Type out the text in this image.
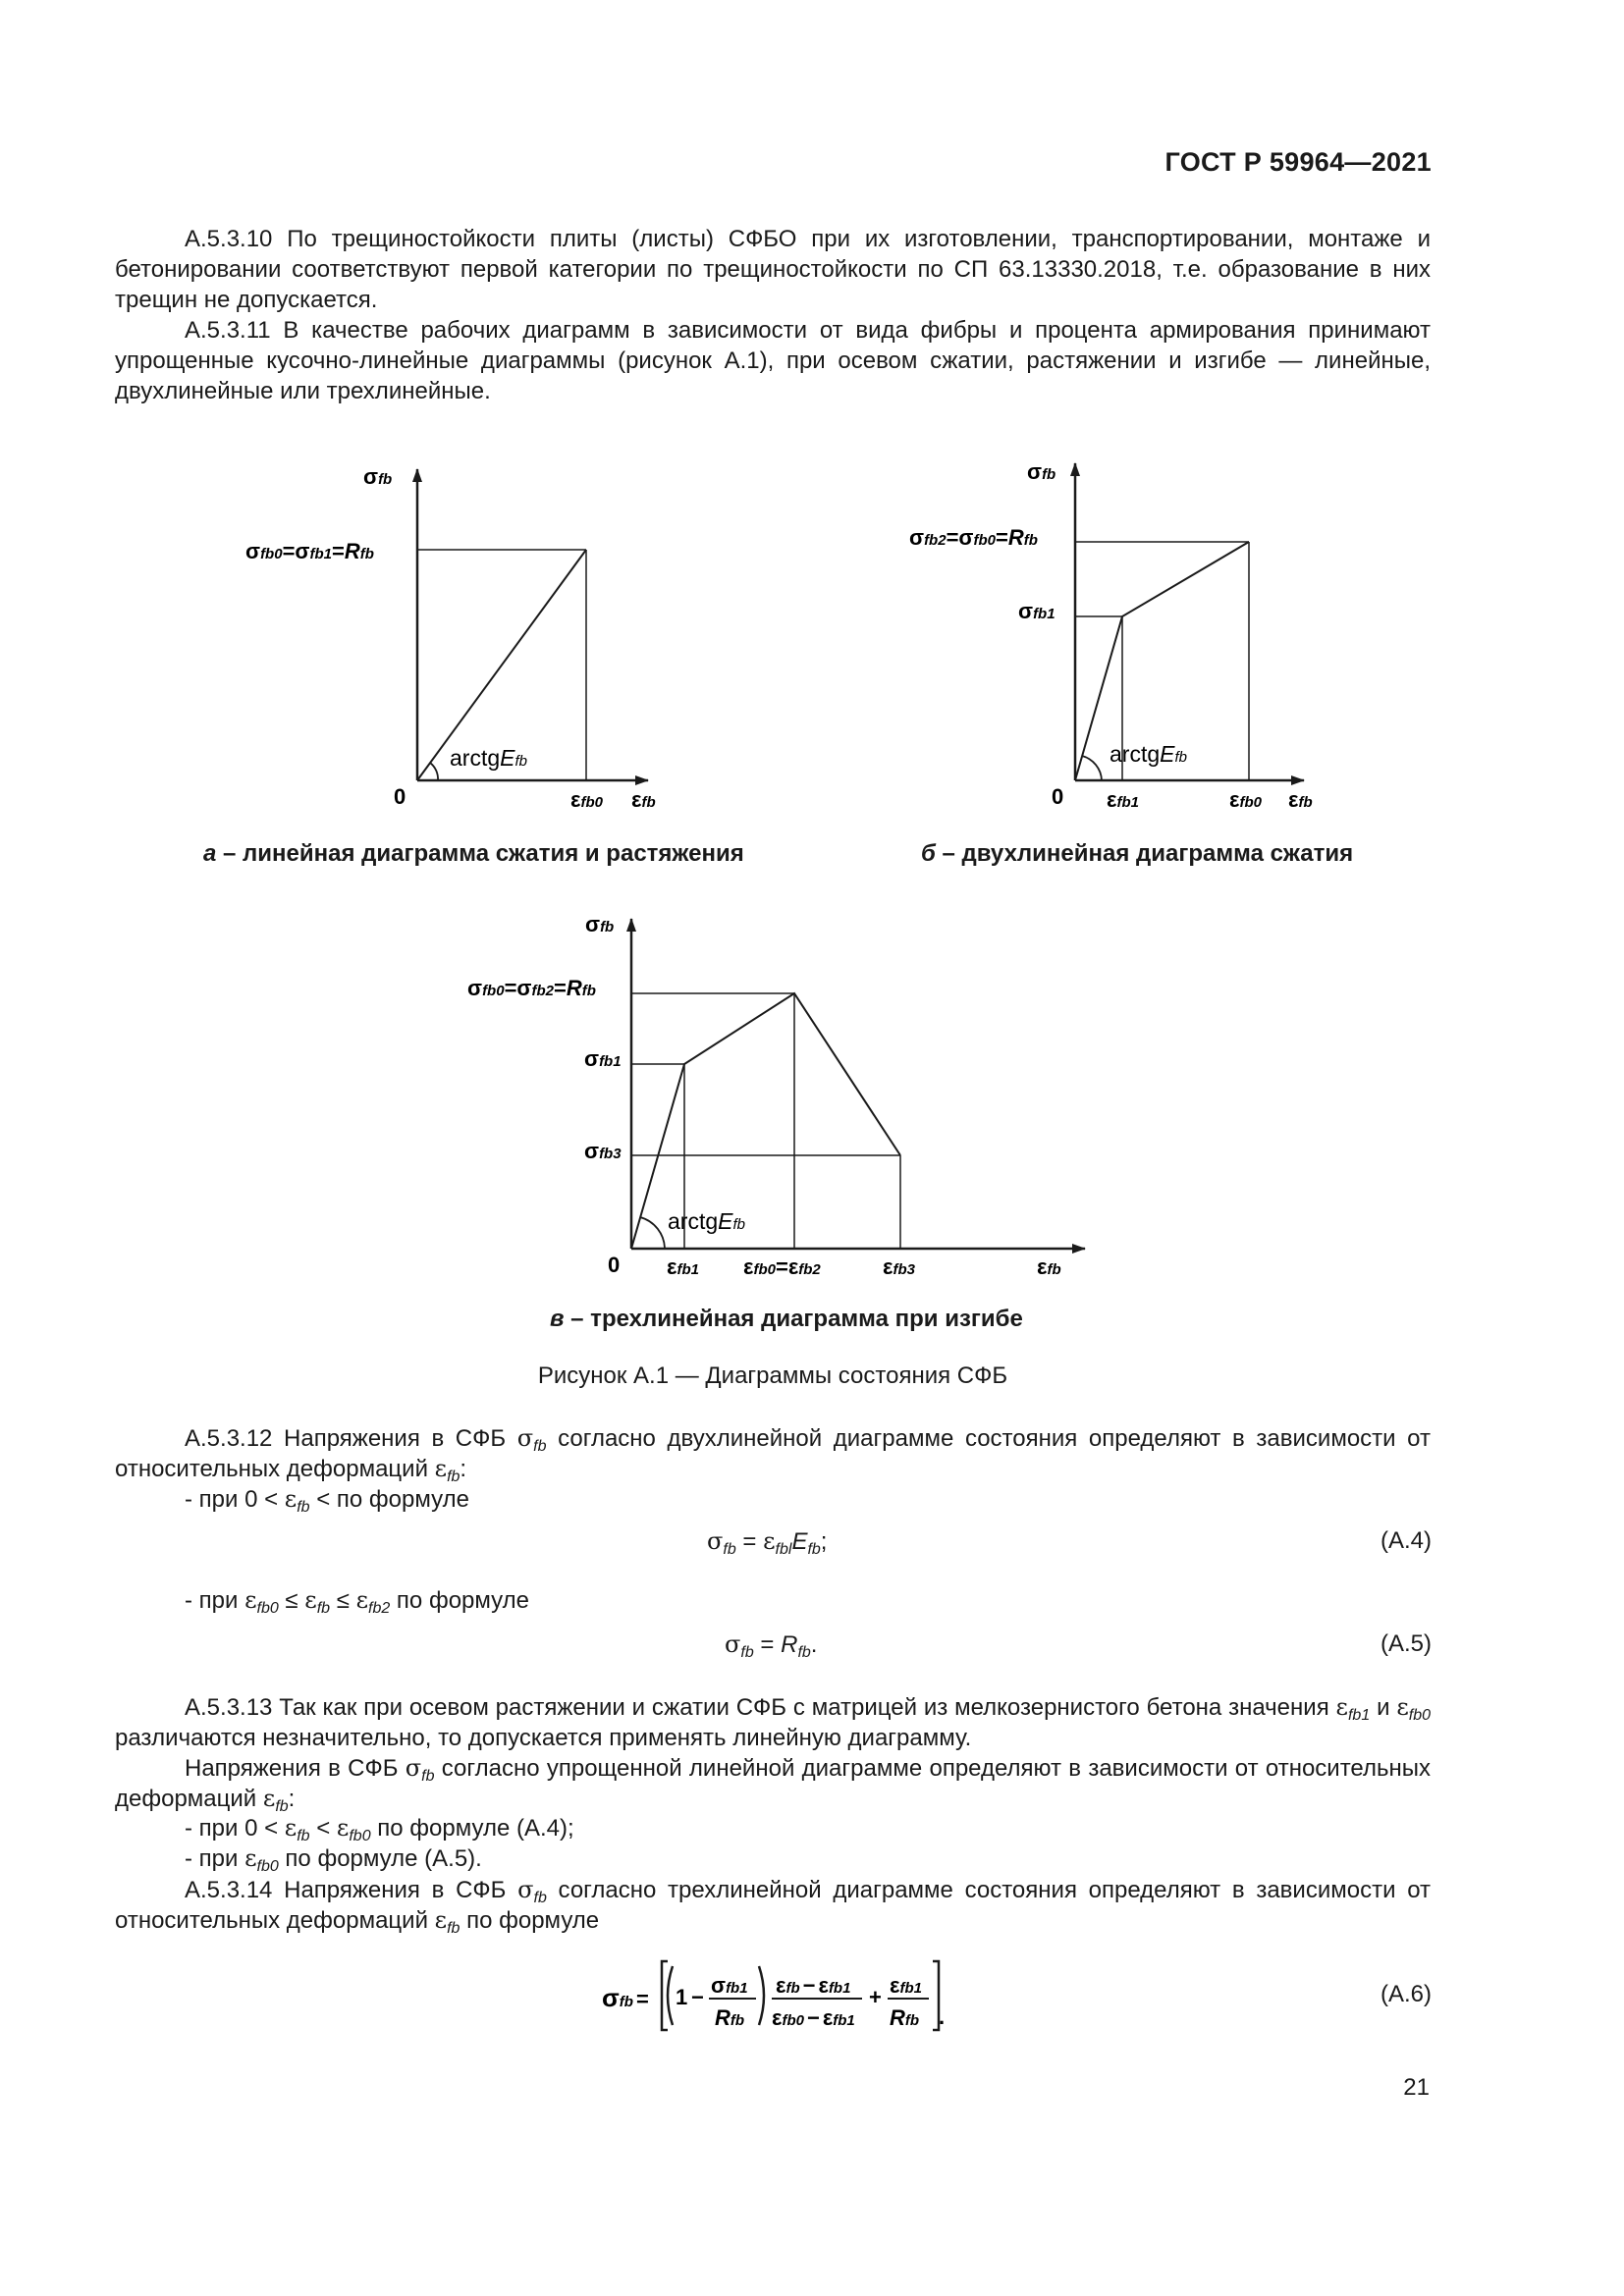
ГОСТ Р 59964—2021
А.5.3.10 По трещиностойкости плиты (листы) СФБО при их изготовлении, транспортировании, монтаже и бетонировании соответствуют первой категории по трещиностойкости по СП 63.13330.2018, т.е. образование в них трещин не допускается.
А.5.3.11 В качестве рабочих диаграмм в зависимости от вида фибры и процента армирования принимают упрощенные кусочно-линейные диаграммы (рисунок А.1), при осевом сжатии, растяжении и изгибе — линейные, двухлинейные или трехлинейные.
σfb
σfb0=σfb1=Rfb
arctgEfb
0	εfb0 εfb
а – линейная диаграмма сжатия и растяжения
σfb
σfb2=σfb0=Rfb
σfb1
arctgEfb
0 εfb1	εfb0 εfb
б – двухлинейная диаграмма сжатия
σfb
σfb0=σfb2=Rfb
σfb1
σfb3
arctgEfb
0 εfb1 εfb0=εfb2	εfb3	εfb
в – трехлинейная диаграмма при изгибе
Рисунок А.1 — Диаграммы состояния СФБ
А.5.3.12 Напряжения в СФБ $\sigma_{fb}$ согласно двухлинейной диаграмме состояния определяют в зависимости от относительных деформаций $\varepsilon_{fb}$:
- при $0 < \varepsilon_{fb}$ < по формуле
$\sigma_{fb} = \varepsilon_{fbl}E_{fb}$;	(А.4)
- при $\varepsilon_{fb0} \le \varepsilon_{fb} \le \varepsilon_{fb2}$ по формуле
$\sigma_{fb} = R_{fb}$.	(А.5)
А.5.3.13 Так как при осевом растяжении и сжатии СФБ с матрицей из мелкозернистого бетона значения $\varepsilon_{fb1}$ и $\varepsilon_{fb0}$ различаются незначительно, то допускается применять линейную диаграмму.
Напряжения в СФБ $\sigma_{fb}$ согласно упрощенной линейной диаграмме определяют в зависимости от относительных деформаций $\varepsilon_{fb}$:
- при $0 < \varepsilon_{fb} < \varepsilon_{fb0}$ по формуле (А.4);
- при $\varepsilon_{fb0}$ по формуле (А.5).
А.5.3.14 Напряжения в СФБ $\sigma_{fb}$ согласно трехлинейной диаграмме состояния определяют в зависимости от относительных деформаций $\varepsilon_{fb}$ по формуле
σfb = 1 − σfb1
Rfb
εfb − εfb1
εfb0 − εfb1
+ εfb1
Rfb .
(А.6)
21
